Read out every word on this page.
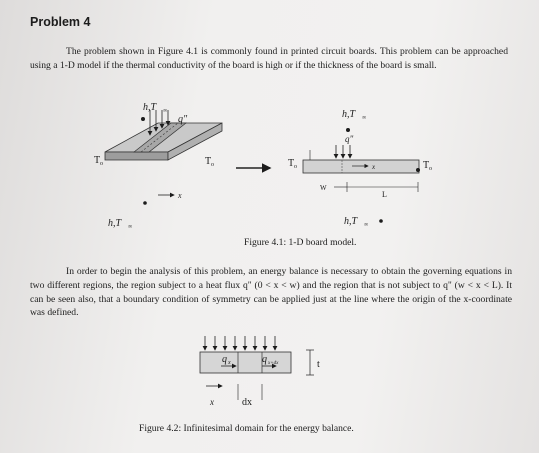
Problem 4

The problem shown in Figure 4.1 is commonly found in printed circuit boards. This problem can be approached using a 1-D model if the thermal conductivity of the board is high or if the thickness of the board is small.

h,T ∞
q"
T o	T o
x
h,T ∞
h,T ∞
q"
T o	T o
x
W
L
h,T ∞
Figure 4.1: 1-D board model.

In order to begin the analysis of this problem, an energy balance is necessary to obtain the governing equations in two different regions, the region subject to a heat flux q" (0 < x < w) and the region that is not subject to q" (w < x < L). It can be seen also, that a boundary condition of symmetry can be applied just at the line where the origin of the x-coordinate was defined.

q x	q x+dx	t
x	dx
Figure 4.2: Infinitesimal domain for the energy balance.
